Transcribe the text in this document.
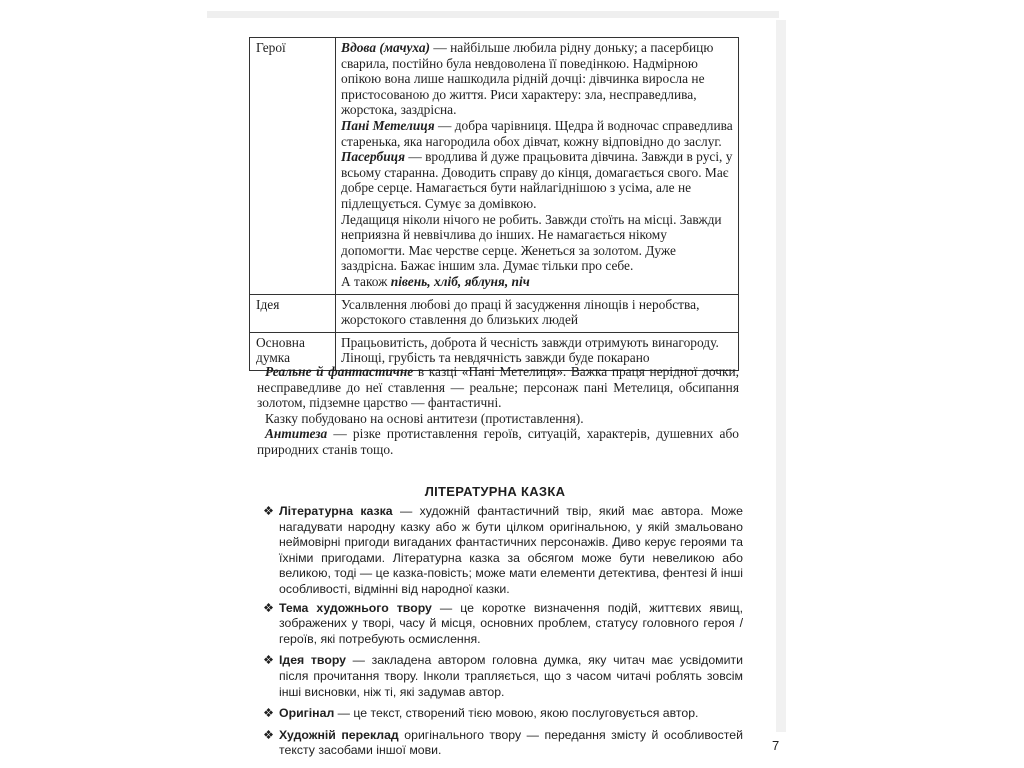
Герої	Вдова (мачуха) — найбільше любила рідну доньку; а пасербицю сварила, постійно була невдоволена її поведінкою. Надмірною опікою вона лише нашкодила рідній дочці: дівчинка виросла не пристосованою до життя. Риси характеру: зла, несправедлива, жорстока, заздрісна.
Пані Метелиця — добра чарівниця. Щедра й водночас справедлива старенька, яка нагородила обох дівчат, кожну відповідно до заслуг.
Пасербиця — вродлива й дуже працьовита дівчина. Завжди в русі, у всьому старанна. Доводить справу до кінця, домагається свого. Має добре серце. Намагається бути найлагіднішою з усіма, але не підлещується. Сумує за домівкою.
Ледащиця ніколи нічого не робить. Завжди стоїть на місці. Завжди неприязна й неввічлива до інших. Не намагається нікому допомогти. Має черстве серце. Женеться за золотом. Дуже заздрісна. Бажає іншим зла. Думає тільки про себе.
А також півень, хліб, яблуня, піч

Ідея	Усалвлення любові до праці й засудження лінощів і неробства, жорстокого ставлення до близьких людей
Основна думка	Працьовитість, доброта й чесність завжди отримують винагороду. Лінощі, грубість та невдячність завжди буде покарано
Реальне й фантастичне в казці «Пані Метелиця». Важка праця нерідної дочки, несправедливе до неї ставлення — реальне; персонаж пані Метелиця, обсипання золотом, підземне царство — фантастичні.
Казку побудовано на основі антитези (протиставлення).
Антитеза — різке протиставлення героїв, ситуацій, характерів, душевних або природних станів тощо.
ЛІТЕРАТУРНА КАЗКА
❖ Літературна казка — художній фантастичний твір, який має автора. Може нагадувати народну казку або ж бути цілком оригінальною, у якій змальовано неймовірні пригоди вигаданих фантастичних персонажів. Диво керує героями та їхніми пригодами. Літературна казка за обсягом може бути невеликою або великою, тоді — це казка-повість; може мати елементи детектива, фентезі й інші особливості, відмінні від народної казки.
❖ Тема художнього твору — це коротке визначення подій, життєвих явищ, зображених у творі, часу й місця, основних проблем, статусу головного героя / героїв, які потребують осмислення.
❖ Ідея твору — закладена автором головна думка, яку читач має усвідомити після прочитання твору. Інколи трапляється, що з часом читачі роблять зовсім інші висновки, ніж ті, які задумав автор.
❖ Оригінал — це текст, створений тією мовою, якою послуговується автор.
❖ Художній переклад оригінального твору — передання змісту й особливостей тексту засобами іншої мови.	7
